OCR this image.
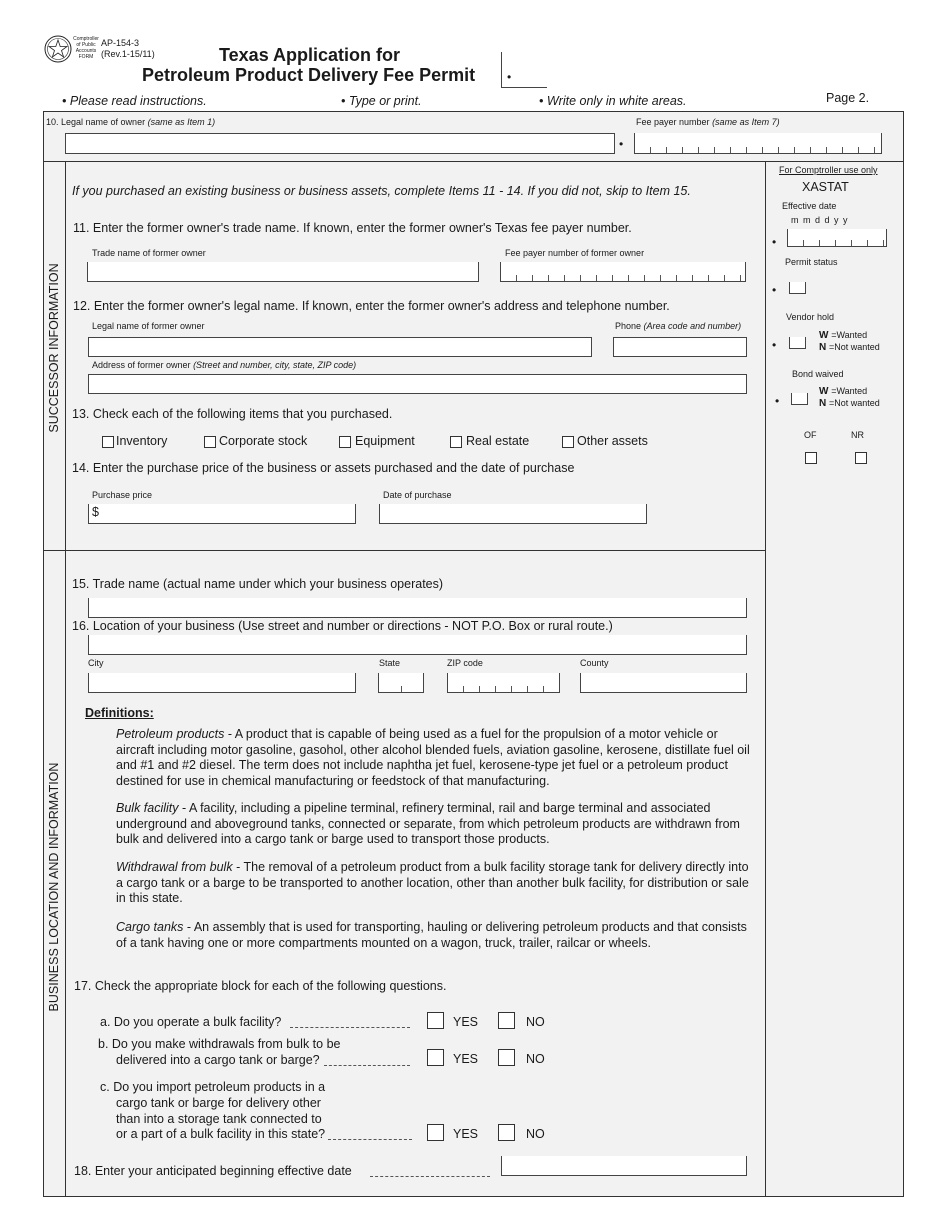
Comptroller of Public Accounts FORM
AP-154-3
(Rev.1-15/11)	Texas Application for
Petroleum Product Delivery Fee Permit	•
• Please read instructions.	• Type or print.	• Write only in white areas.	Page 2.
10. Legal name of owner (same as Item 1)	Fee payer number (same as Item 7)
•
SUCCESSOR INFORMATION
BUSINESS LOCATION AND INFORMATION
If you purchased an existing business or business assets, complete Items 11 - 14. If you did not, skip to Item 15.
11. Enter the former owner's trade name. If known, enter the former owner's Texas fee payer number.
Trade name of former owner	Fee payer number of former owner
12. Enter the former owner's legal name. If known, enter the former owner's address and telephone number.
Legal name of former owner	Phone (Area code and number)
Address of former owner (Street and number, city, state, ZIP code)
13. Check each of the following items that you purchased.
Inventory	Corporate stock	Equipment	Real estate	Other assets
14. Enter the purchase price of the business or assets purchased and the date of purchase
Purchase price	Date of purchase
$
For Comptroller use only
XASTAT
Effective date
m m d d y y
•
Permit status
•
Vendor hold
•
W =Wanted
N =Not wanted
Bond waived
•
W =Wanted
N =Not wanted
OF	NR
15. Trade name (actual name under which your business operates)
16. Location of your business (Use street and number or directions - NOT P.O. Box or rural route.)
City	State	ZIP code	County
Definitions:

Petroleum products - A product that is capable of being used as a fuel for the propulsion of a motor vehicle or aircraft including motor gasoline, gasohol, other alcohol blended fuels, aviation gasoline, kerosene, distillate fuel oil and #1 and #2 diesel. The term does not include naphtha jet fuel, kerosene-type jet fuel or a petroleum product destined for use in chemical manufacturing or feedstock of that manufacturing.

Bulk facility - A facility, including a pipeline terminal, refinery terminal, rail and barge terminal and associated underground and aboveground tanks, connected or separate, from which petroleum products are withdrawn from bulk and delivered into a cargo tank or barge used to transport those products.

Withdrawal from bulk - The removal of a petroleum product from a bulk facility storage tank for delivery directly into a cargo tank or a barge to be transported to another location, other than another bulk facility, for distribution or sale in this state.

Cargo tanks - An assembly that is used for transporting, hauling or delivering petroleum products and that consists of a tank having one or more compartments mounted on a wagon, truck, trailer, railcar or wheels.

17. Check the appropriate block for each of the following questions.
a. Do you operate a bulk facility?	YES	NO
b. Do you make withdrawals from bulk to be
delivered into a cargo tank or barge?	YES	NO
c. Do you import petroleum products in a
cargo tank or barge for delivery other
than into a storage tank connected to
or a part of a bulk facility in this state?	YES	NO
18. Enter your anticipated beginning effective date
